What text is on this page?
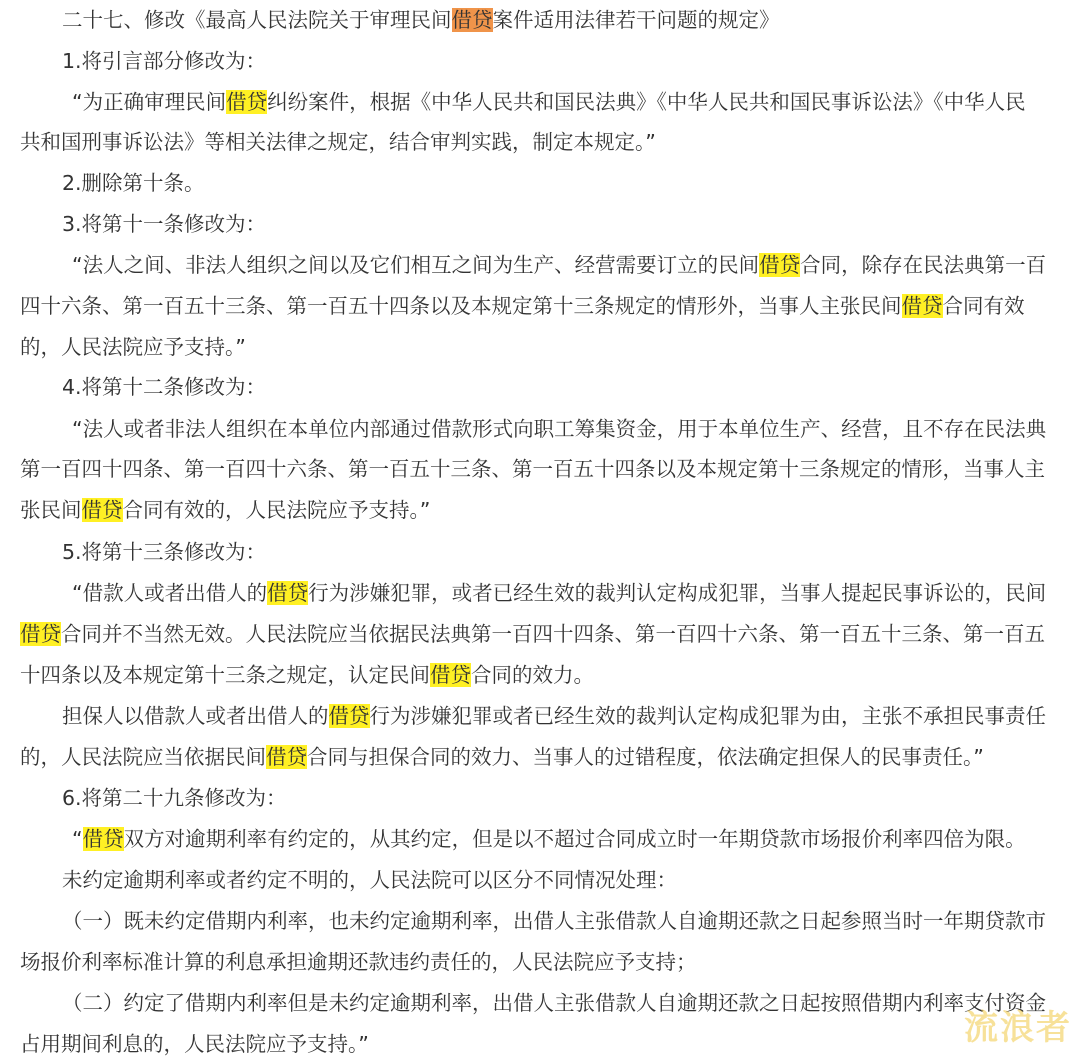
二十七、修改《最高人民法院关于审理民间借贷案件适用法律若干问题的规定》
1.将引言部分修改为：
“为正确审理民间借贷纠纷案件，根据《中华人民共和国民法典》《中华人民共和国民事诉讼法》《中华人民
共和国刑事诉讼法》等相关法律之规定，结合审判实践，制定本规定。”
2.删除第十条。
3.将第十一条修改为：
“法人之间、非法人组织之间以及它们相互之间为生产、经营需要订立的民间借贷合同，除存在民法典第一百
四十六条、第一百五十三条、第一百五十四条以及本规定第十三条规定的情形外，当事人主张民间借贷合同有效
的，人民法院应予支持。”
4.将第十二条修改为：
“法人或者非法人组织在本单位内部通过借款形式向职工筹集资金，用于本单位生产、经营，且不存在民法典
第一百四十四条、第一百四十六条、第一百五十三条、第一百五十四条以及本规定第十三条规定的情形，当事人主
张民间借贷合同有效的，人民法院应予支持。”
5.将第十三条修改为：
“借款人或者出借人的借贷行为涉嫌犯罪，或者已经生效的裁判认定构成犯罪，当事人提起民事诉讼的，民间
借贷合同并不当然无效。人民法院应当依据民法典第一百四十四条、第一百四十六条、第一百五十三条、第一百五
十四条以及本规定第十三条之规定，认定民间借贷合同的效力。
担保人以借款人或者出借人的借贷行为涉嫌犯罪或者已经生效的裁判认定构成犯罪为由，主张不承担民事责任
的，人民法院应当依据民间借贷合同与担保合同的效力、当事人的过错程度，依法确定担保人的民事责任。”
6.将第二十九条修改为：
“借贷双方对逾期利率有约定的，从其约定，但是以不超过合同成立时一年期贷款市场报价利率四倍为限。
未约定逾期利率或者约定不明的，人民法院可以区分不同情况处理：
（一）既未约定借期内利率，也未约定逾期利率，出借人主张借款人自逾期还款之日起参照当时一年期贷款市
场报价利率标准计算的利息承担逾期还款违约责任的，人民法院应予支持；
（二）约定了借期内利率但是未约定逾期利率，出借人主张借款人自逾期还款之日起按照借期内利率支付资金
占用期间利息的，人民法院应予支持。”	流浪者
